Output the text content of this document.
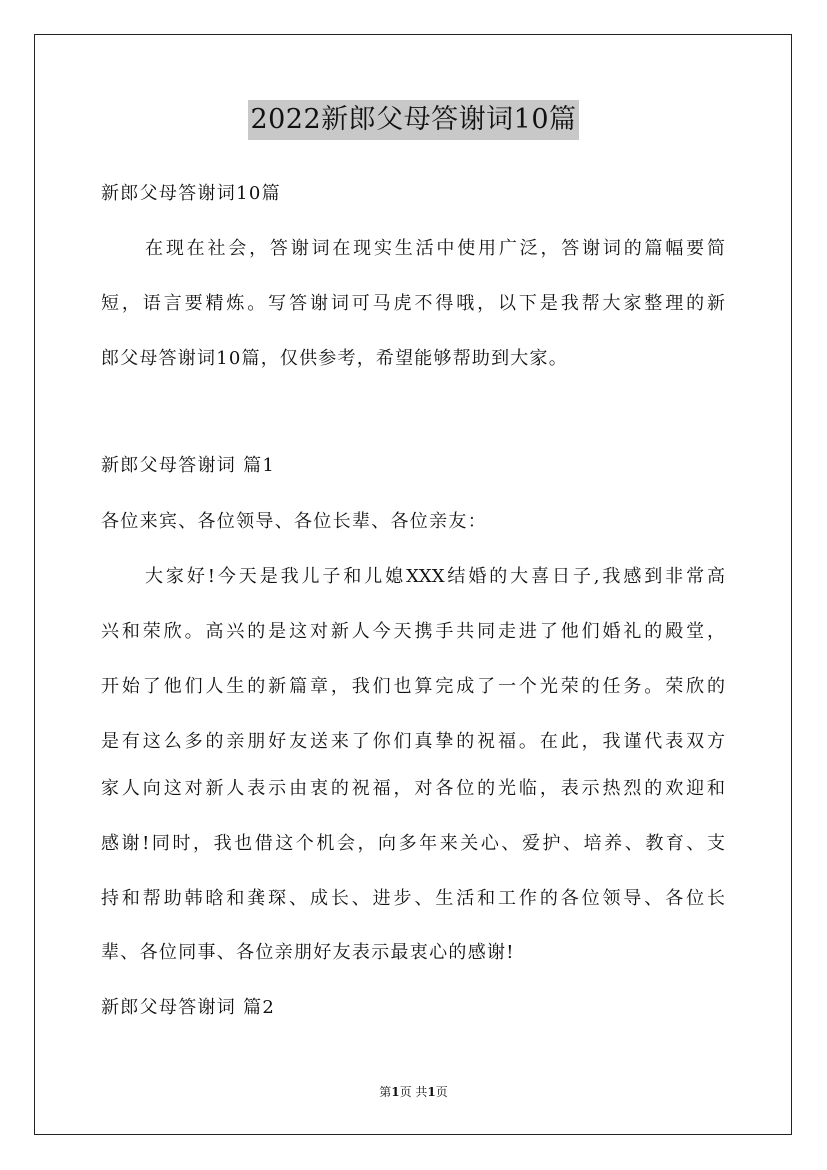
2022新郎父母答谢词10篇
新郎父母答谢词10篇
在现在社会，答谢词在现实生活中使用广泛，答谢词的篇幅要简
短，语言要精炼。写答谢词可马虎不得哦，以下是我帮大家整理的新
郎父母答谢词10篇，仅供参考，希望能够帮助到大家。
新郎父母答谢词 篇1
各位来宾、各位领导、各位长辈、各位亲友：
大家好!今天是我儿子和儿媳XXX结婚的大喜日子,我感到非常高
兴和荣欣。高兴的是这对新人今天携手共同走进了他们婚礼的殿堂，
开始了他们人生的新篇章，我们也算完成了一个光荣的任务。荣欣的
是有这么多的亲朋好友送来了你们真挚的祝福。在此，我谨代表双方
家人向这对新人表示由衷的祝福，对各位的光临，表示热烈的欢迎和
感谢!同时，我也借这个机会，向多年来关心、爱护、培养、教育、支
持和帮助韩晗和龚琛、成长、进步、生活和工作的各位领导、各位长
辈、各位同事、各位亲朋好友表示最衷心的感谢!
新郎父母答谢词 篇2
第1页 共1页
